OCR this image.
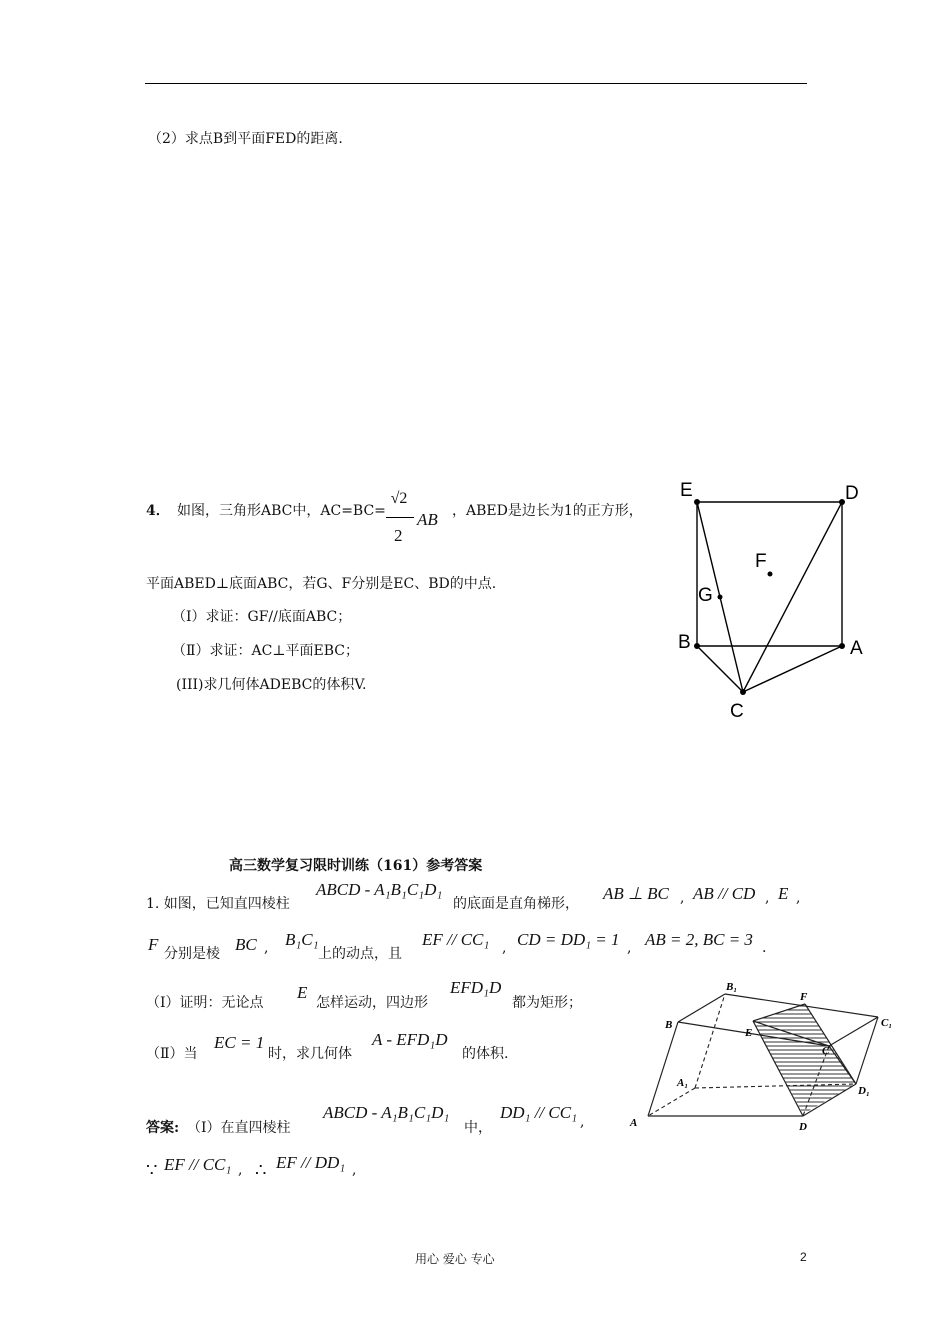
（2）求点B到平面FED的距离.
4． 如图，三角形ABC中，AC=BC=
√2
2
AB ，ABED是边长为1的正方形，
平面ABED⊥底面ABC，若G、F分别是EC、BD的中点.
（Ⅰ）求证：GF//底面ABC；
（Ⅱ）求证：AC⊥平面EBC；
(III)求几何体ADEBC的体积V.
E	D
F
G
B	A
C
高三数学复习限时训练（161）参考答案
1. 如图，已知直四棱柱
ABCD - A₁B₁C₁D₁
的底面是直角梯形，
AB ⊥ BC , AB // CD , E ,
F 分别是棱 BC , B₁C₁
上的动点，且
EF // CC₁ , CD = DD₁ = 1 , AB = 2, BC = 3 .
（Ⅰ）证明：无论点
E
怎样运动，四边形
EFD₁D
都为矩形；
（Ⅱ）当
EC = 1
时，求几何体
A - EFD₁D
的体积.
答案: （Ⅰ）在直四棱柱
ABCD - A₁B₁C₁D₁
中，
DD₁ // CC₁ ,
∵ EF // CC₁ , ∴ EF // DD₁ ,
B₁
F
B
E
C₁
C
A₁
D₁
A	D
用心 爱心 专心	2
